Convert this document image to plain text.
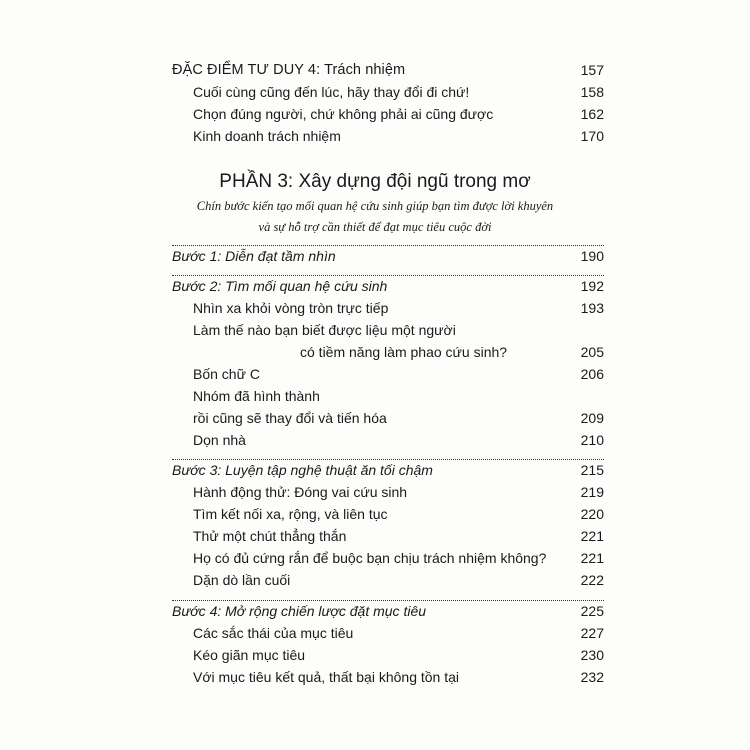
ĐẶC ĐIỂM TƯ DUY 4: Trách nhiệm	157
Cuối cùng cũng đến lúc, hãy thay đổi đi chứ!	158
Chọn đúng người, chứ không phải ai cũng được	162
Kinh doanh trách nhiệm	170
PHẦN 3: Xây dựng đội ngũ trong mơ
Chín bước kiến tạo mối quan hệ cứu sinh giúp bạn tìm được lời khuyên
và sự hỗ trợ cần thiết để đạt mục tiêu cuộc đời
Bước 1: Diễn đạt tầm nhìn	190
Bước 2: Tìm mối quan hệ cứu sinh	192
Nhìn xa khỏi vòng tròn trực tiếp	193
Làm thế nào bạn biết được liệu một người
có tiềm năng làm phao cứu sinh?	205
Bốn chữ C	206
Nhóm đã hình thành
rồi cũng sẽ thay đổi và tiến hóa	209
Dọn nhà	210
Bước 3: Luyện tập nghệ thuật ăn tối chậm	215
Hành động thử: Đóng vai cứu sinh	219
Tìm kết nối xa, rộng, và liên tục	220
Thử một chút thẳng thắn	221
Họ có đủ cứng rắn để buộc bạn chịu trách nhiệm không? 221
Dặn dò lần cuối	222
Bước 4: Mở rộng chiến lược đặt mục tiêu	225
Các sắc thái của mục tiêu	227
Kéo giãn mục tiêu	230
Với mục tiêu kết quả, thất bại không tồn tại	232
